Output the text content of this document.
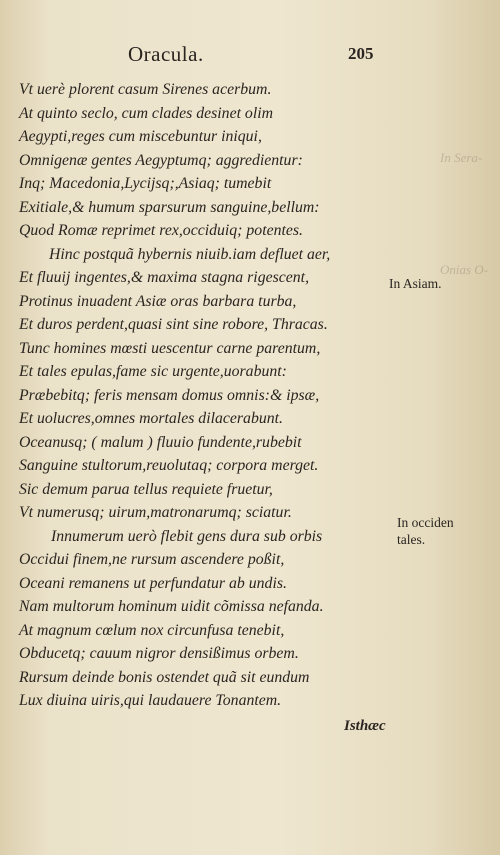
In Sera-
Onias O-
Oracula.	205
Vt uerè plorent casum Sirenes acerbum.
At quinto seclo, cum clades desinet olim
Aegypti,reges cum miscebuntur iniqui,
Omnigenæ gentes Aegyptumq; aggredientur:
Inq; Macedonia,Lycijsq;,Asiaq; tumebit
Exitiale,& humum sparsurum sanguine,bellum:
Quod Romæ reprimet rex,occiduiq; potentes.
Hinc postquã hybernis niuib.iam defluet aer,
Et fluuij ingentes,& maxima stagna rigescent,
Protinus inuadent Asiæ oras barbara turba,
Et duros perdent,quasi sint sine robore, Thracas.
Tunc homines mœsti uescentur carne parentum,
Et tales epulas,fame sic urgente,uorabunt:
Præbebitq; feris mensam domus omnis:& ipsæ,
Et uolucres,omnes mortales dilacerabunt.
Oceanusq; ( malum ) fluuio fundente,rubebit
Sanguine stultorum,reuolutaq; corpora merget.
Sic demum parua tellus requiete fruetur,
Vt numerusq; uirum,matronarumq; sciatur.
Innumerum uerò flebit gens dura sub orbis
Occidui finem,ne rursum ascendere poßit,
Oceani remanens ut perfundatur ab undis.
Nam multorum hominum uidit cõmissa nefanda.
At magnum cœlum nox circunfusa tenebit,
Obducetq; cauum nigror densißimus orbem.
Rursum deinde bonis ostendet quã sit eundum
Lux diuina uiris,qui laudauere Tonantem.
In Asiam.
In occiden
tales.
Isthæc
